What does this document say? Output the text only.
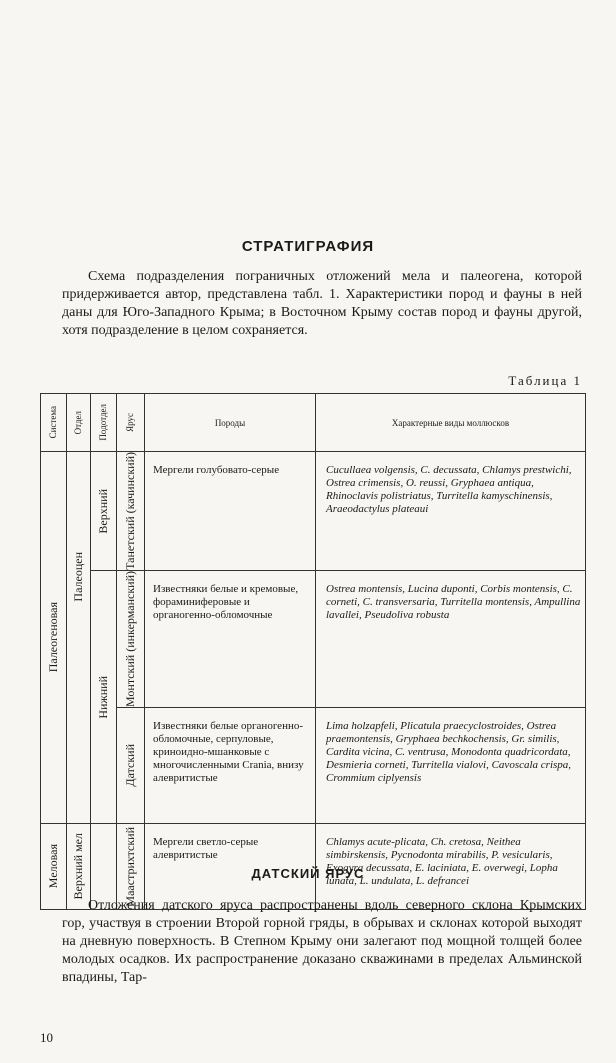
СТРАТИГРАФИЯ

Схема подразделения пограничных отложений мела и палеогена, которой придерживается автор, представлена табл. 1. Характеристики пород и фауны в ней даны для Юго-Западного Крыма; в Восточном Крыму состав пород и фауны другой, хотя подразделение в целом сохраняется.

Таблица 1
Система	Отдел	Подотдел	Ярус	Породы	Характерные виды моллюсков

Палеогеновая	Палеоцен	Верхний	Танетский (качинский)	Мергели голубовато-серые	Cucullaea volgensis, C. decussata, Chlamys prestwichi, Ostrea crimensis, O. reussi, Gryphaea antiqua, Rhinoclavis polistriatus, Turritella kamyschinensis, Araeodactylus plateaui

		Нижний	Монтский (инкерманский)	Известняки белые и кремовые, фораминиферовые и органогенно-обломочные	Ostrea montensis, Lucina duponti, Corbis montensis, C. corneti, C. transversaria, Turritella montensis, Ampullina lavallei, Pseudoliva robusta

			Датский	Известняки белые органогенно-обломочные, серпуловые, криноидно-мшанковые с многочисленными Crania, внизу алевритистые	Lima holzapfeli, Plicatula praecyclostroides, Ostrea praemontensis, Gryphaea bechkochensis, Gr. similis, Cardita vicina, C. ventrusa, Monodonta quadricordata, Desmieria corneti, Turritella vialovi, Cavoscala crispa, Crommium ciplyensis

Меловая	Верхний мел		Маастрихтский	Мергели светло-серые алевритистые	Chlamys acute-plicata, Ch. cretosa, Neithea simbirskensis, Pycnodonta mirabilis, P. vesicularis, Exogyra decussata, E. laciniata, E. overwegi, Lopha lunata, L. undulata, L. defrancei
ДАТСКИЙ ЯРУС

Отложения датского яруса распространены вдоль северного склона Крымских гор, участвуя в строении Второй горной гряды, в обрывах и склонах которой выходят на дневную поверхность. В Степном Крыму они залегают под мощной толщей более молодых осадков. Их распространение доказано скважинами в пределах Альминской впадины, Тар-

10
